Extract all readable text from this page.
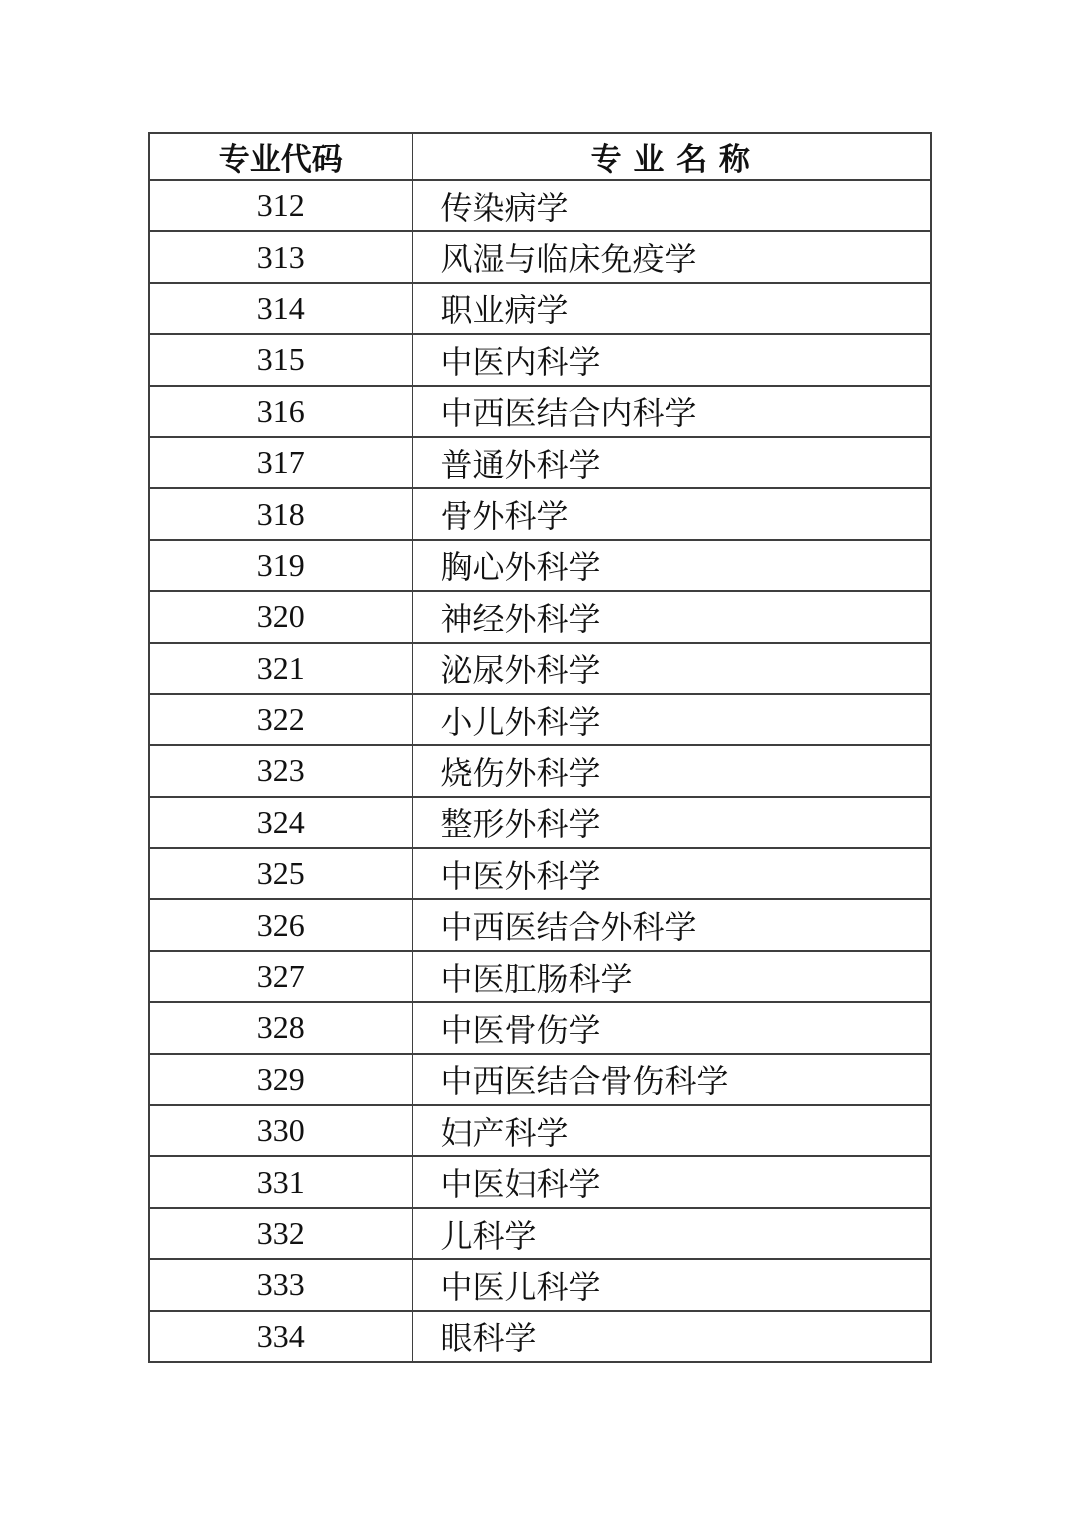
专业代码	专 业 名 称
312	传染病学
313	风湿与临床免疫学
314	职业病学
315	中医内科学
316	中西医结合内科学
317	普通外科学
318	骨外科学
319	胸心外科学
320	神经外科学
321	泌尿外科学
322	小儿外科学
323	烧伤外科学
324	整形外科学
325	中医外科学
326	中西医结合外科学
327	中医肛肠科学
328	中医骨伤学
329	中西医结合骨伤科学
330	妇产科学
331	中医妇科学
332	儿科学
333	中医儿科学
334	眼科学
